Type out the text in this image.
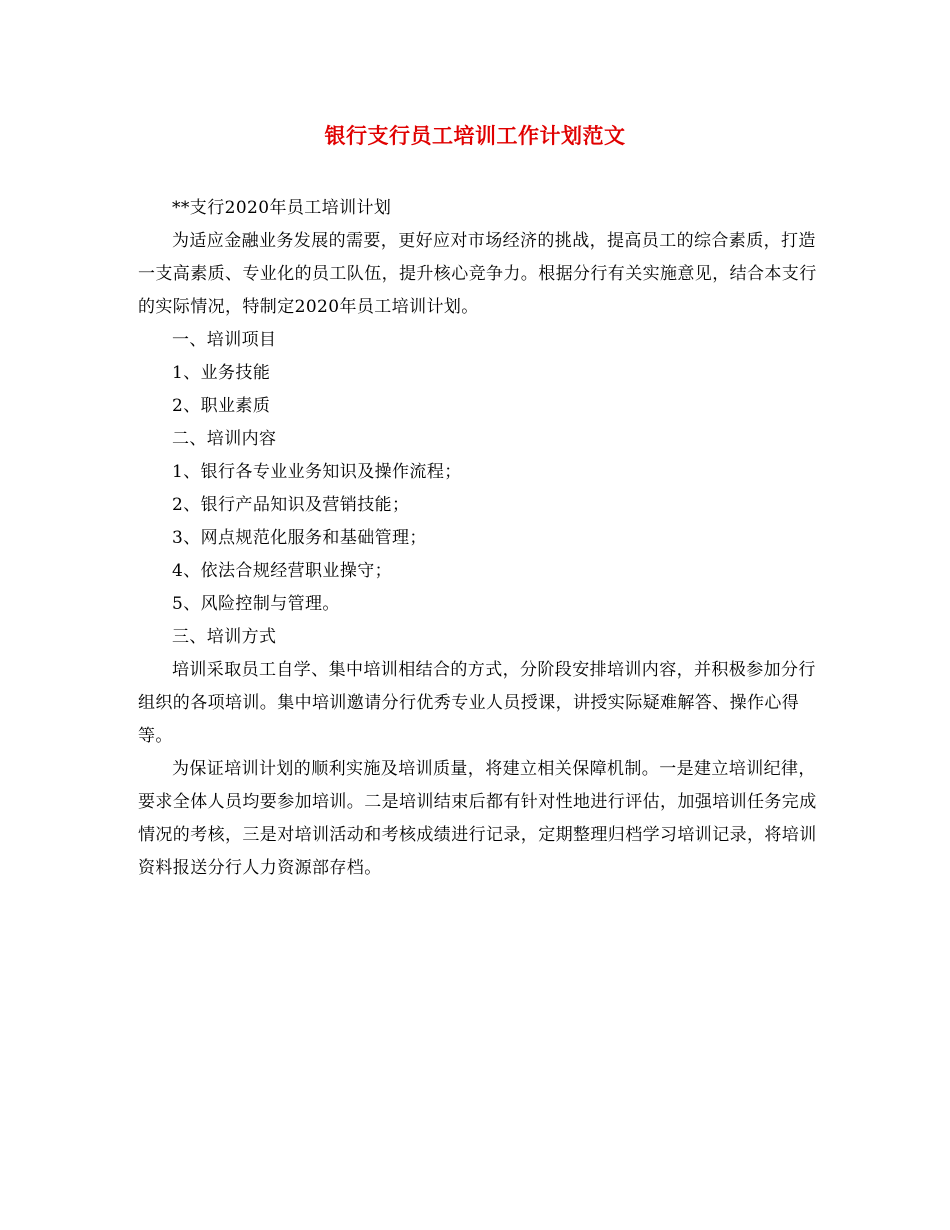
银行支行员工培训工作计划范文

**支行2020年员工培训计划

为适应金融业务发展的需要，更好应对市场经济的挑战，提高员工的综合素质，打造一支高素质、专业化的员工队伍，提升核心竞争力。根据分行有关实施意见，结合本支行的实际情况，特制定2020年员工培训计划。

一、培训项目

1、业务技能

2、职业素质

二、培训内容

1、银行各专业业务知识及操作流程；

2、银行产品知识及营销技能；

3、网点规范化服务和基础管理；

4、依法合规经营职业操守；

5、风险控制与管理。

三、培训方式

培训采取员工自学、集中培训相结合的方式，分阶段安排培训内容，并积极参加分行组织的各项培训。集中培训邀请分行优秀专业人员授课，讲授实际疑难解答、操作心得等。

为保证培训计划的顺利实施及培训质量，将建立相关保障机制。一是建立培训纪律，要求全体人员均要参加培训。二是培训结束后都有针对性地进行评估，加强培训任务完成情况的考核，三是对培训活动和考核成绩进行记录，定期整理归档学习培训记录，将培训资料报送分行人力资源部存档。
